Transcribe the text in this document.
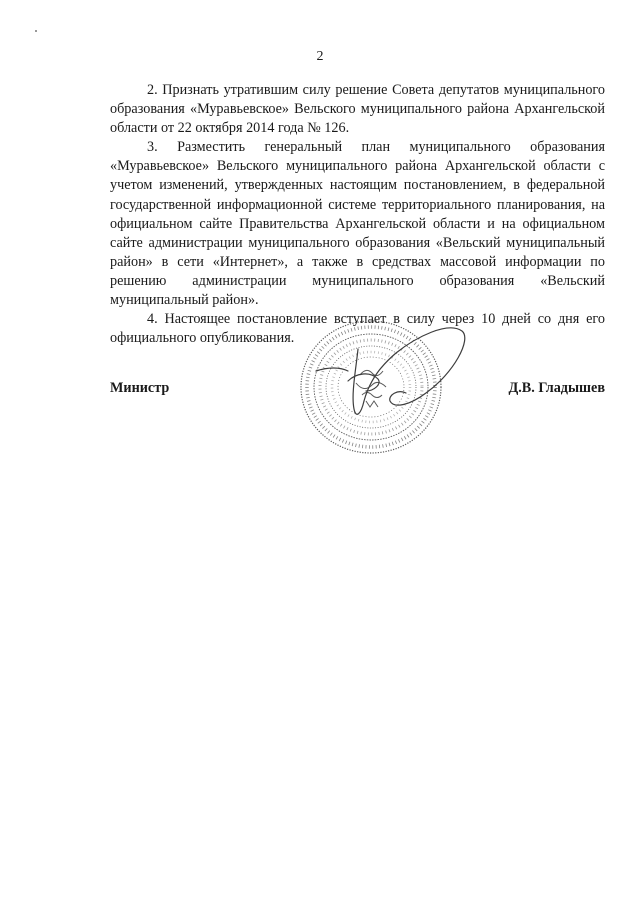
2

2. Признать утратившим силу решение Совета депутатов муниципального образования «Муравьевское» Вельского муниципального района Архангельской области от 22 октября 2014 года № 126.

3. Разместить генеральный план муниципального образования «Муравьевское» Вельского муниципального района Архангельской области с учетом изменений, утвержденных настоящим постановлением, в федеральной государственной информационной системе территориального планирования, на официальном сайте Правительства Архангельской области и на официальном сайте администрации муниципального образования «Вельский муниципальный район» в сети «Интернет», а также в средствах массовой информации по решению администрации муниципального образования «Вельский муниципальный район».

4. Настоящее постановление вступает в силу через 10 дней со дня его официального опубликования.

Министр	Д.В. Гладышев
